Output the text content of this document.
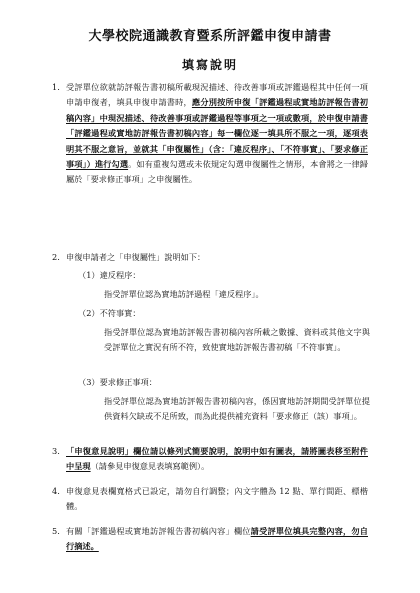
大學校院通識教育暨系所評鑑申復申請書
填寫說明
1. 受評單位欲就訪評報告書初稿所載現況描述、待改善事項或評鑑過程其中任何一項申請申復者，填具申復申請書時，應分別按所申復「評鑑過程或實地訪評報告書初稿內容」中現況描述、待改善事項或評鑑過程等事項之一項或數項，於申復申請書「評鑑過程或實地訪評報告書初稿內容」每一欄位逐一填具所不服之一項，逐項表明其不服之意旨，並就其「申復屬性」（含：「違反程序」、「不符事實」、「要求修正事項」）進行勾選。如有重複勾選或未依規定勾選申復屬性之情形，本會將之一律歸屬於「要求修正事項」之申復屬性。

2. 申復申請者之「申復屬性」說明如下：

（1）違反程序：
指受評單位認為實地訪評過程「違反程序」。
（2）不符事實：
指受評單位認為實地訪評報告書初稿內容所載之數據、資料或其他文字與受評單位之實況有所不符，致使實地訪評報告書初稿「不符事實」。
（3）要求修正事項：
指受評單位認為實地訪評報告書初稿內容，係因實地訪評期間受評單位提供資料欠缺或不足所致，而為此提供補充資料「要求修正（該）事項」。
3. 「申復意見說明」欄位請以條列式簡要說明，說明中如有圖表，請將圖表移至附件中呈現（請參見申復意見表填寫範例）。

4. 申復意見表欄寬格式已設定，請勿自行調整；內文字體為 12 點、單行間距、標楷體。

5. 有關「評鑑過程或實地訪評報告書初稿內容」欄位請受評單位填具完整內容，勿自行摘述。
